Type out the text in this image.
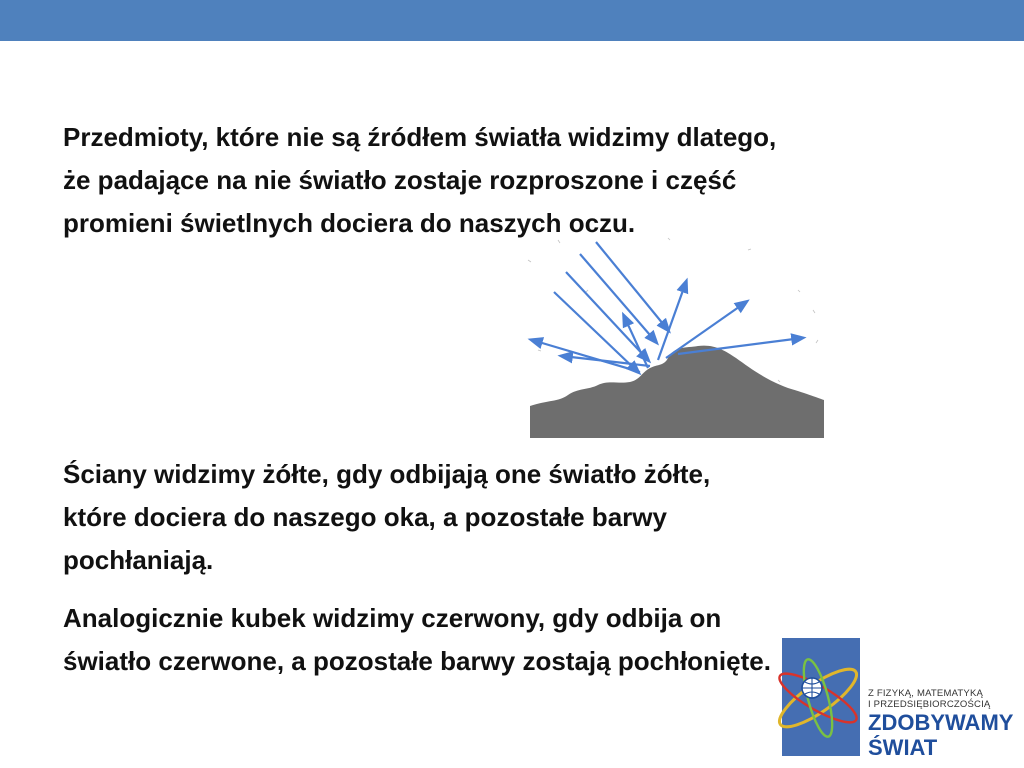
Przedmioty, które nie są źródłem światła widzimy dlatego,
że padające na nie światło zostaje rozproszone i część
promieni świetlnych dociera do naszych oczu.

Ściany widzimy żółte, gdy odbijają one światło żółte,
które dociera do naszego oka, a pozostałe barwy
pochłaniają.

Analogicznie kubek widzimy czerwony, gdy odbija on
światło czerwone, a pozostałe barwy zostają pochłonięte.

Z FIZYKĄ, MATEMATYKĄ
I PRZEDSIĘBIORCZOŚCIĄ
ZDOBYWAMY
ŚWIAT
